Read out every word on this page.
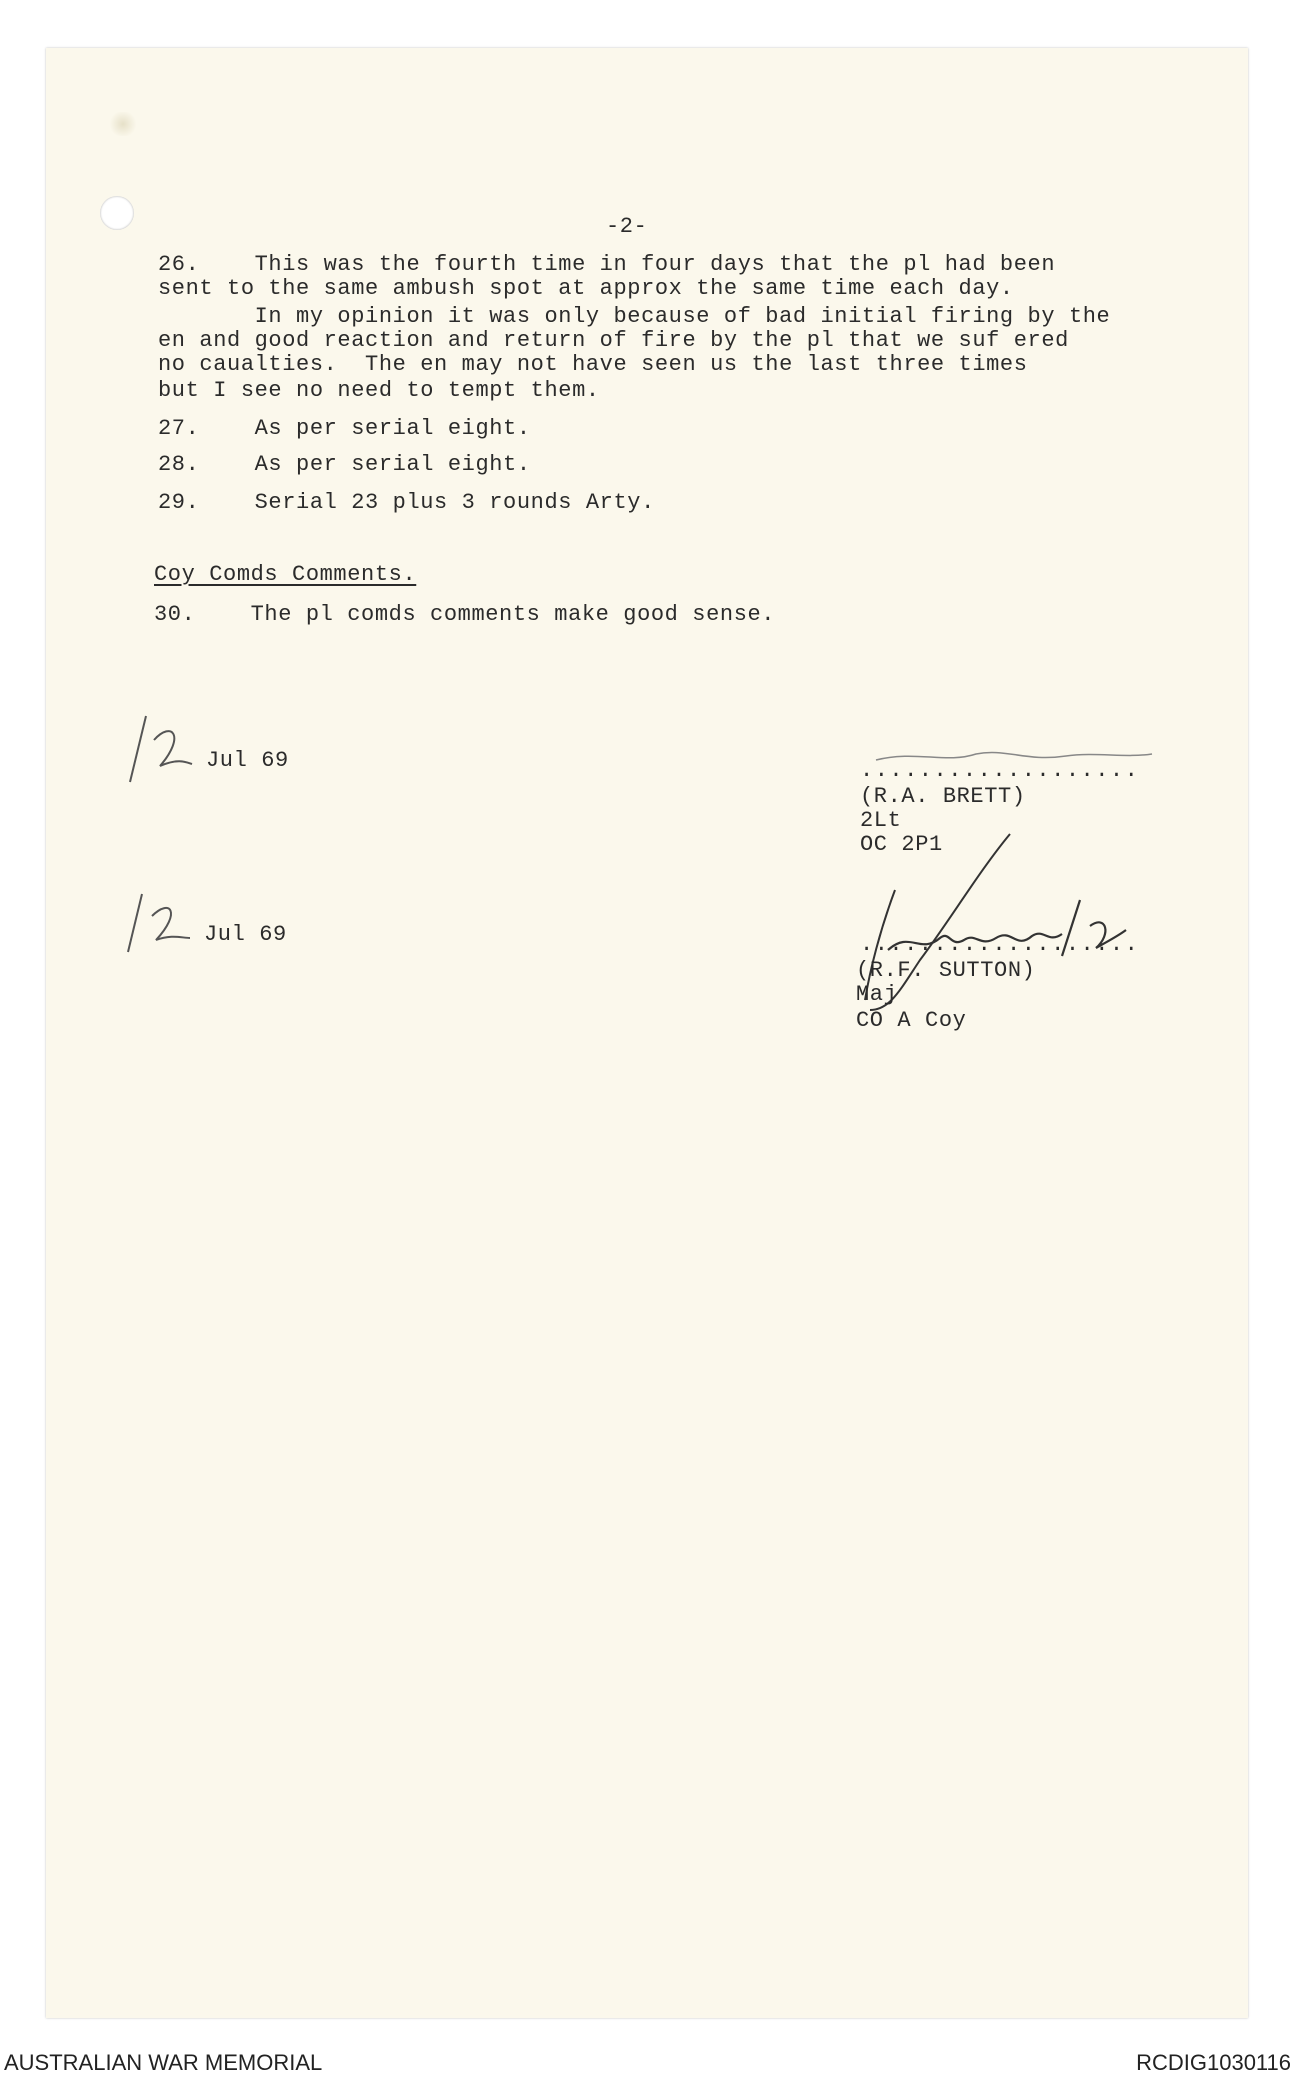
-2-
26.    This was the fourth time in four days that the pl had been
sent to the same ambush spot at approx the same time each day.
In my opinion it was only because of bad initial firing by the
en and good reaction and return of fire by the pl that we suf ered
no caualties.  The en may not have seen us the last three times
but I see no need to tempt them.
27.    As per serial eight.
28.    As per serial eight.
29.    Serial 23 plus 3 rounds Arty.
Coy Comds Comments.
30.    The pl comds comments make good sense.
Jul 69
Jul 69
...................
(R.A. BRETT)
2Lt
OC 2P1
...................
(R.F. SUTTON)
Maj
CO A Coy
AUSTRALIAN WAR MEMORIAL	RCDIG1030116
